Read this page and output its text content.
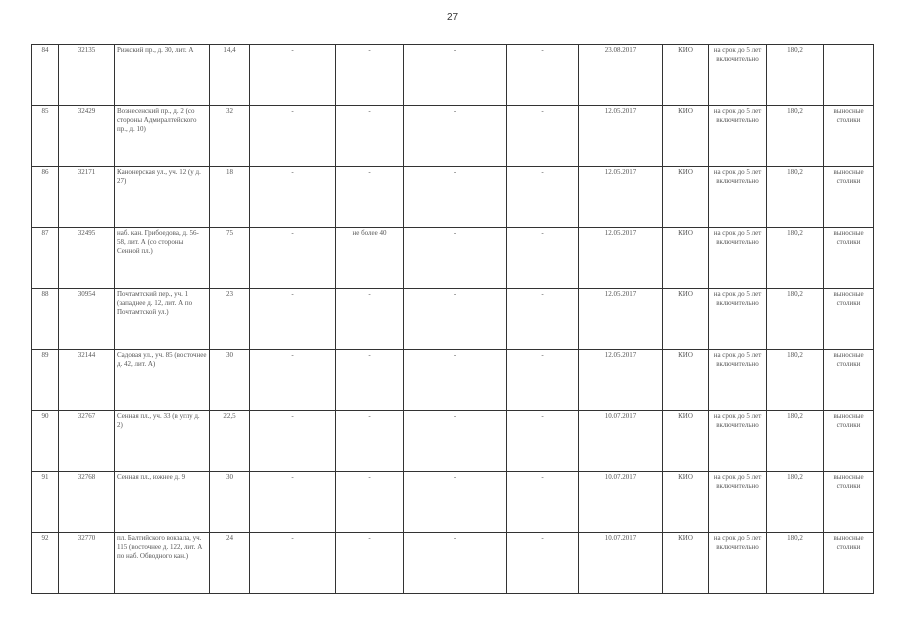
27
84	32135	Рижский пр., д. 30, лит. А	14,4	-	-	-	-	23.08.2017	КИО	на срок до 5 лет включительно	180,2	
85	32429	Вознесенский пр., д. 2 (со стороны Адмиралтейского пр., д. 10)	32	-	-	-	-	12.05.2017	КИО	на срок до 5 лет включительно	180,2	выносные столики
86	32171	Канонерская ул., уч. 12 (у д. 27)	18	-	-	-	-	12.05.2017	КИО	на срок до 5 лет включительно	180,2	выносные столики
87	32495	наб. кан. Грибоедова, д. 56-58, лит. А (со стороны Сенной пл.)	75	-	не более 40	-	-	12.05.2017	КИО	на срок до 5 лет включительно	180,2	выносные столики
88	30954	Почтамтский пер., уч. 1 (западнее д. 12, лит. А по Почтамтской ул.)	23	-	-	-	-	12.05.2017	КИО	на срок до 5 лет включительно	180,2	выносные столики
89	32144	Садовая ул., уч. 85 (восточнее д. 42, лит. А)	30	-	-	-	-	12.05.2017	КИО	на срок до 5 лет включительно	180,2	выносные столики
90	32767	Сенная пл., уч. 33 (в углу д. 2)	22,5	-	-	-	-	10.07.2017	КИО	на срок до 5 лет включительно	180,2	выносные столики
91	32768	Сенная пл., южнее д. 9	30	-	-	-	-	10.07.2017	КИО	на срок до 5 лет включительно	180,2	выносные столики
92	32770	пл. Балтийского вокзала, уч. 115 (восточнее д. 122, лит. А по наб. Обводного кан.)	24	-	-	-	-	10.07.2017	КИО	на срок до 5 лет включительно	180,2	выносные столики
